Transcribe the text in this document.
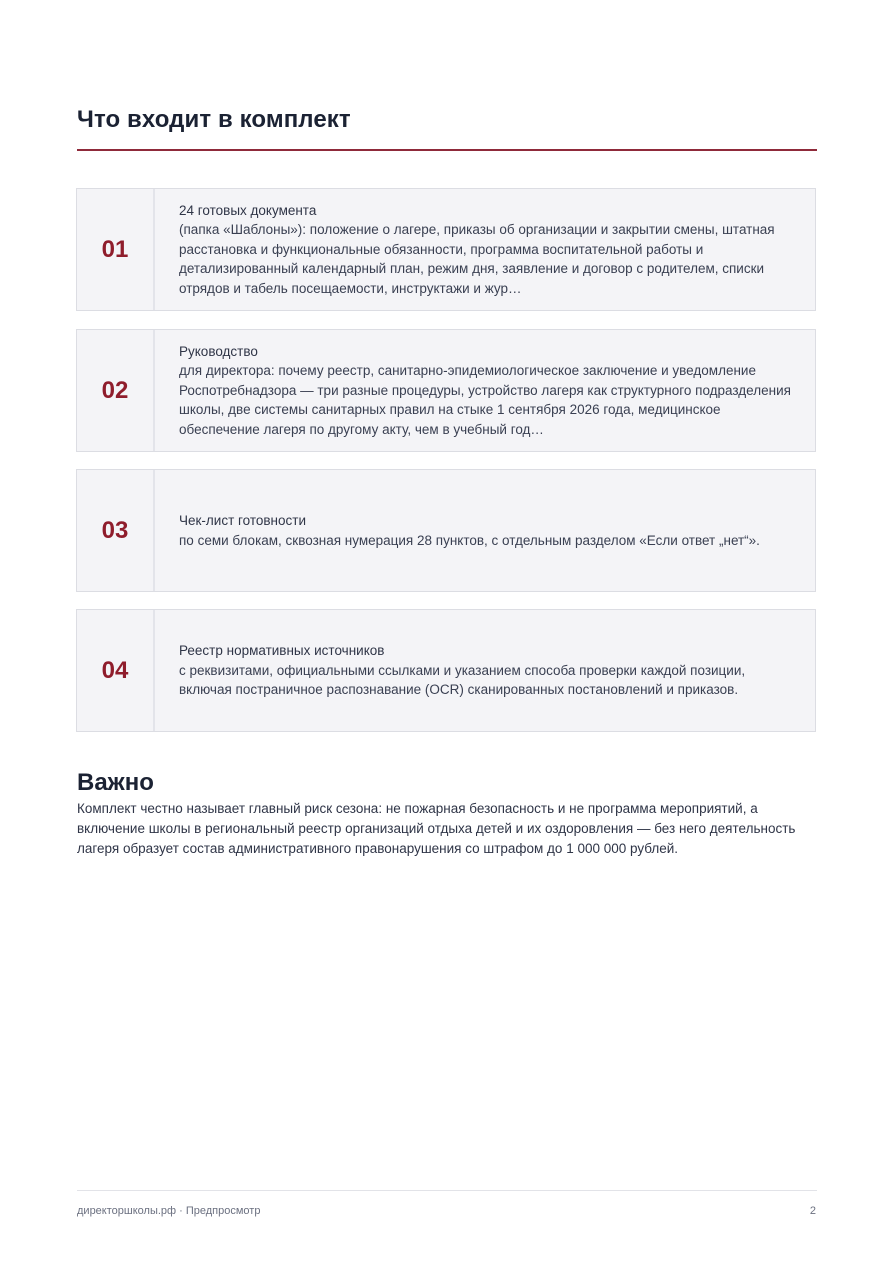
Что входит в комплект
01
24 готовых документа
(папка «Шаблоны»): положение о лагере, приказы об организации и закрытии смены, штатная расстановка и функциональные обязанности, программа воспитательной работы и детализированный календарный план, режим дня, заявление и договор с родителем, списки отрядов и табель посещаемости, инструктажи и жур…
02
Руководство
для директора: почему реестр, санитарно-эпидемиологическое заключение и уведомление Роспотребнадзора — три разные процедуры, устройство лагеря как структурного подразделения школы, две системы санитарных правил на стыке 1 сентября 2026 года, медицинское обеспечение лагеря по другому акту, чем в учебный год…
03	Чек-лист готовности
по семи блокам, сквозная нумерация 28 пунктов, с отдельным разделом «Если ответ „нет“».
04
Реестр нормативных источников
с реквизитами, официальными ссылками и указанием способа проверки каждой позиции, включая постраничное распознавание (OCR) сканированных постановлений и приказов.
Важно

Комплект честно называет главный риск сезона: не пожарная безопасность и не программа мероприятий, а включение школы в региональный реестр организаций отдыха детей и их оздоровления — без него деятельность лагеря образует состав административного правонарушения со штрафом до 1 000 000 рублей.

директоршколы.рф · Предпросмотр	2
